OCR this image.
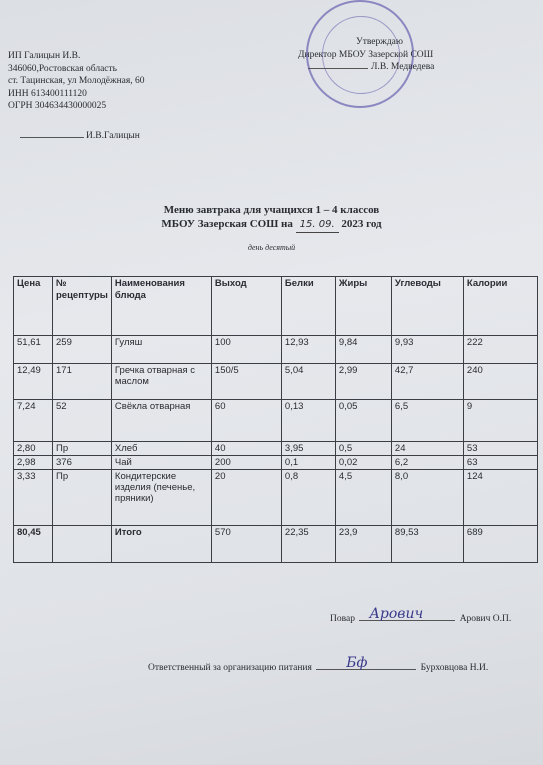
ИП Галицын И.В.
346060,Ростовская область
ст. Тацинская, ул Молодёжная, 60
ИНН 613400111120
ОГРН 304634430000025
И.В.Галицын
Утверждаю
Директор МБОУ Зазерской СОШ
Л.В. Медведева
Меню завтрака для учащихся 1 – 4 классов
МБОУ Зазерская СОШ на 15. 09. 2023 год
день десятый
Цена	№ рецептуры	Наименования блюда	Выход	Белки	Жиры	Углеводы	Калории
51,61	259	Гуляш	100	12,93	9,84	9,93	222
12,49	171	Гречка отварная с маслом	150/5	5,04	2,99	42,7	240
7,24	52	Свёкла отварная	60	0,13	0,05	6,5	9
2,80	Пр	Хлеб	40	3,95	0,5	24	53
2,98	376	Чай	200	0,1	0,02	6,2	63
3,33	Пр	Кондитерские изделия (печенье, пряники)	20	0,8	4,5	8,0	124
80,45		Итого	570	22,35	23,9	89,53	689
Повар Арович	Арович О.П.
Ответственный за организацию питания Бф	Бурховцова Н.И.
